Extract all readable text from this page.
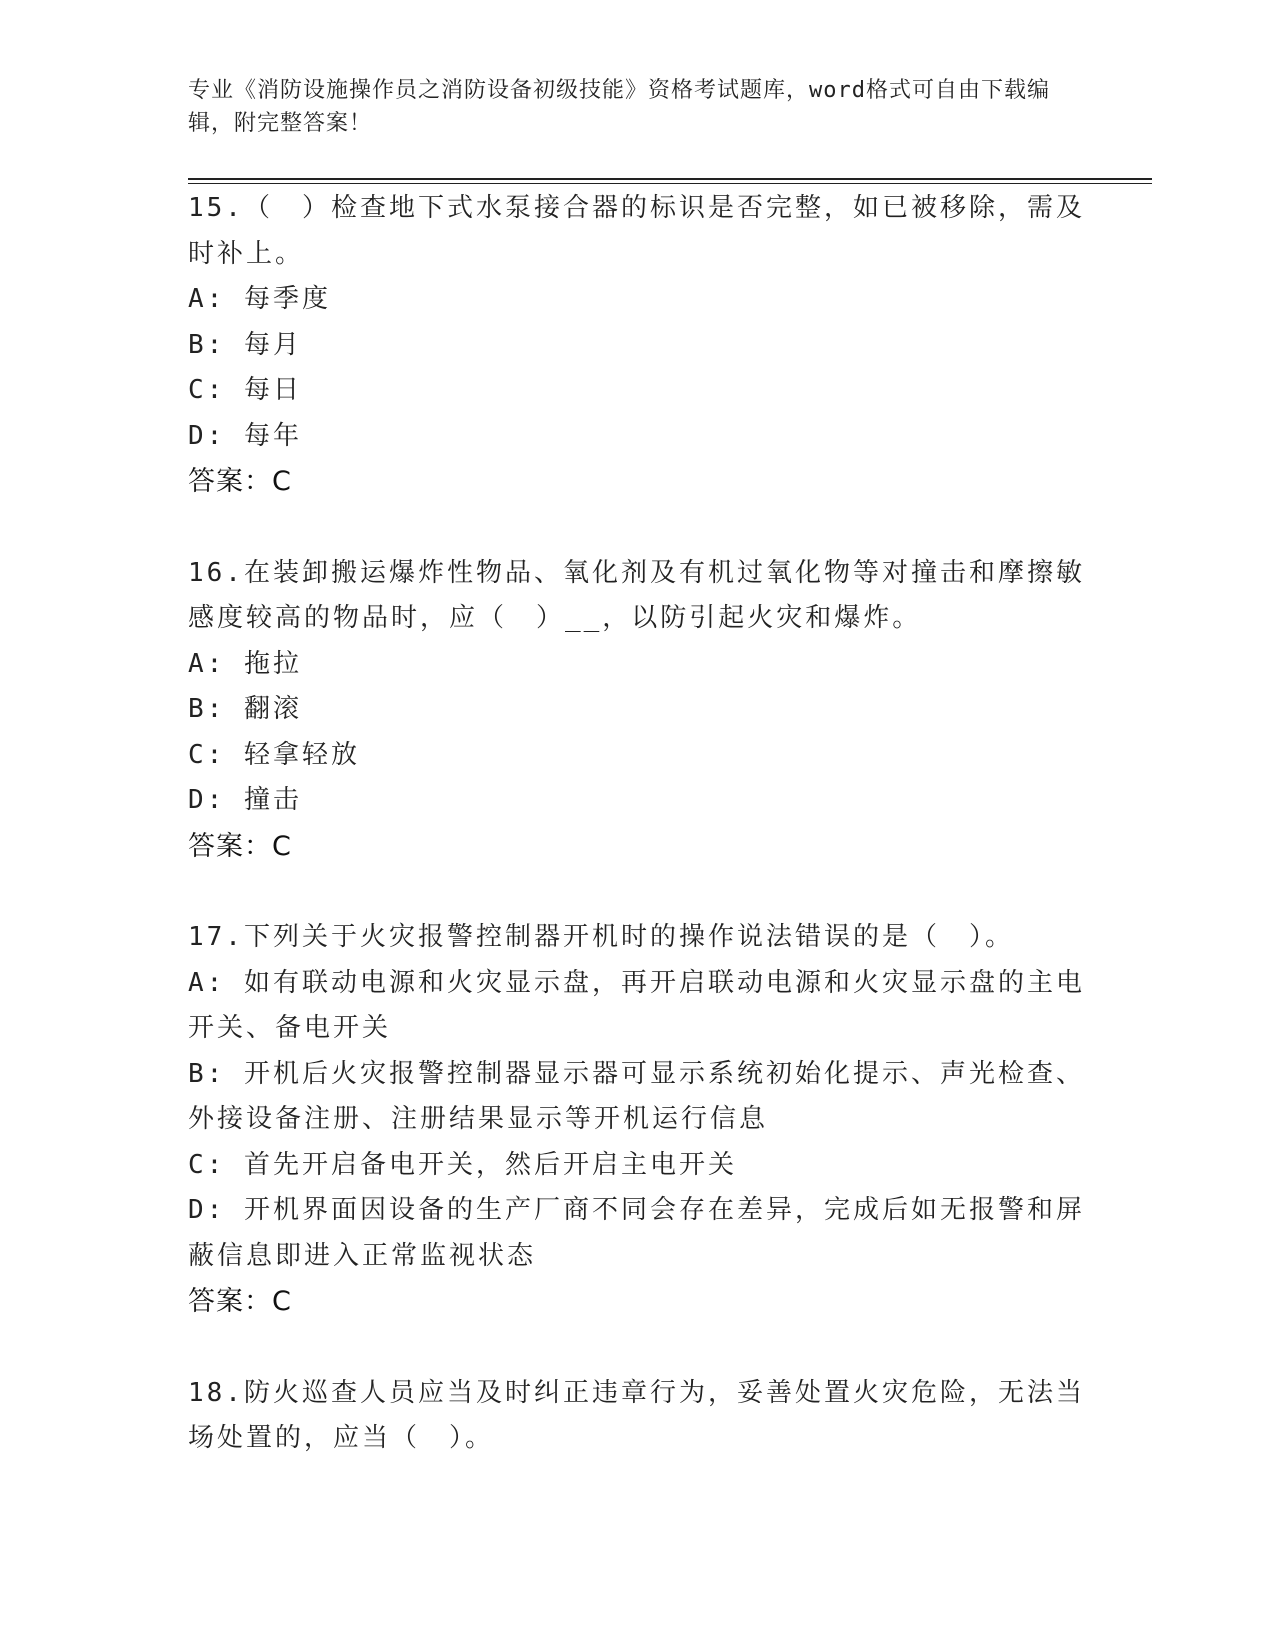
专业《消防设施操作员之消防设备初级技能》资格考试题库，word格式可自由下载编辑，附完整答案！

15.（　）检查地下式水泵接合器的标识是否完整，如已被移除，需及时补上。

A: 每季度

B: 每月

C: 每日

D: 每年

答案：C

16.在装卸搬运爆炸性物品、氧化剂及有机过氧化物等对撞击和摩擦敏感度较高的物品时，应（　）__，以防引起火灾和爆炸。

A: 拖拉

B: 翻滚

C: 轻拿轻放

D: 撞击

答案：C

17.下列关于火灾报警控制器开机时的操作说法错误的是（　）。

A: 如有联动电源和火灾显示盘，再开启联动电源和火灾显示盘的主电开关、备电开关

B: 开机后火灾报警控制器显示器可显示系统初始化提示、声光检查、外接设备注册、注册结果显示等开机运行信息

C: 首先开启备电开关，然后开启主电开关

D: 开机界面因设备的生产厂商不同会存在差异，完成后如无报警和屏蔽信息即进入正常监视状态

答案：C

18.防火巡查人员应当及时纠正违章行为，妥善处置火灾危险，无法当场处置的，应当（　）。
